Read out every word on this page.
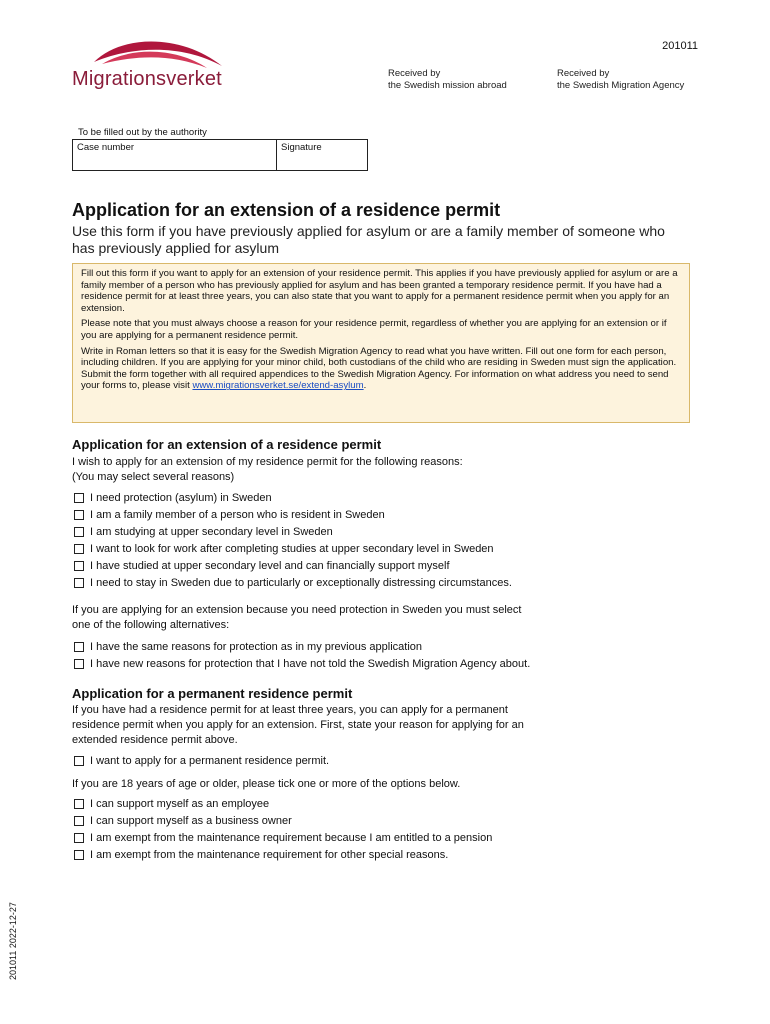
Migrationsverket
201011
Received by
the Swedish mission abroad
Received by
the Swedish Migration Agency
To be filled out by the authority
Case number	Signature
Application for an extension of a residence permit
Use this form if you have previously applied for asylum or are a family member of someone who has previously applied for asylum

Fill out this form if you want to apply for an extension of your residence permit. This applies if you have previously applied for asylum or are a family member of a person who has previously applied for asylum and has been granted a temporary residence permit. If you have had a residence permit for at least three years, you can also state that you want to apply for a permanent residence permit when you apply for an extension.

Please note that you must always choose a reason for your residence permit, regardless of whether you are applying for an extension or if you are applying for a permanent residence permit.

Write in Roman letters so that it is easy for the Swedish Migration Agency to read what you have written. Fill out one form for each person, including children. If you are applying for your minor child, both custodians of the child who are residing in Sweden must sign the application. Submit the form together with all required appendices to the Swedish Migration Agency. For information on what address you need to send your forms to, please visit www.migrationsverket.se/extend-asylum.

Application for an extension of a residence permit
I wish to apply for an extension of my residence permit for the following reasons:
(You may select several reasons)
I need protection (asylum) in Sweden
I am a family member of a person who is resident in Sweden
I am studying at upper secondary level in Sweden
I want to look for work after completing studies at upper secondary level in Sweden
I have studied at upper secondary level and can financially support myself
I need to stay in Sweden due to particularly or exceptionally distressing circumstances.
If you are applying for an extension because you need protection in Sweden you must select
one of the following alternatives:
I have the same reasons for protection as in my previous application
I have new reasons for protection that I have not told the Swedish Migration Agency about.
Application for a permanent residence permit
If you have had a residence permit for at least three years, you can apply for a permanent
residence permit when you apply for an extension. First, state your reason for applying for an
extended residence permit above.
I want to apply for a permanent residence permit.
If you are 18 years of age or older, please tick one or more of the options below.
I can support myself as an employee
I can support myself as a business owner
I am exempt from the maintenance requirement because I am entitled to a pension
I am exempt from the maintenance requirement for other special reasons.
201011 2022-12-27
